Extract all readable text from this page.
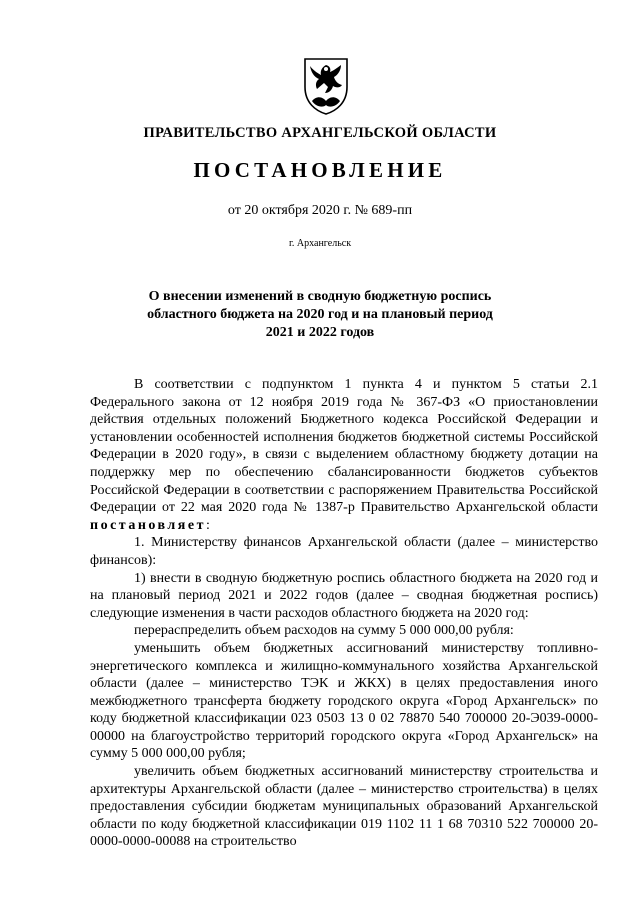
ПРАВИТЕЛЬСТВО АРХАНГЕЛЬСКОЙ ОБЛАСТИ
ПОСТАНОВЛЕНИЕ
от 20 октября 2020 г. № 689-пп
г. Архангельск
О внесении изменений в сводную бюджетную роспись
областного бюджета на 2020 год и на плановый период
2021 и 2022 годов

В соответствии с подпунктом 1 пункта 4 и пунктом 5 статьи 2.1 Федерального закона от 12 ноября 2019 года № 367-ФЗ «О приостановлении действия отдельных положений Бюджетного кодекса Российской Федерации и установлении особенностей исполнения бюджетов бюджетной системы Российской Федерации в 2020 году», в связи с выделением областному бюджету дотации на поддержку мер по обеспечению сбалансированности бюджетов субъектов Российской Федерации в соответствии с распоряжением Правительства Российской Федерации от 22 мая 2020 года № 1387-р Правительство Архангельской области постановляет:

1. Министерству финансов Архангельской области (далее – министерство финансов):

1) внести в сводную бюджетную роспись областного бюджета на 2020 год и на плановый период 2021 и 2022 годов (далее – сводная бюджетная роспись) следующие изменения в части расходов областного бюджета на 2020 год:

перераспределить объем расходов на сумму 5 000 000,00 рубля:

уменьшить объем бюджетных ассигнований министерству топливно-энергетического комплекса и жилищно-коммунального хозяйства Архангельской области (далее – министерство ТЭК и ЖКХ) в целях предоставления иного межбюджетного трансферта бюджету городского округа «Город Архангельск» по коду бюджетной классификации 023 0503 13 0 02 78870 540 700000 20-Э039-0000-00000 на благоустройство территорий городского округа «Город Архангельск» на сумму 5 000 000,00 рубля;

увеличить объем бюджетных ассигнований министерству строительства и архитектуры Архангельской области (далее – министерство строительства) в целях предоставления субсидии бюджетам муниципальных образований Архангельской области по коду бюджетной классификации 019 1102 11 1 68 70310 522 700000 20-0000-0000-00088 на строительство
